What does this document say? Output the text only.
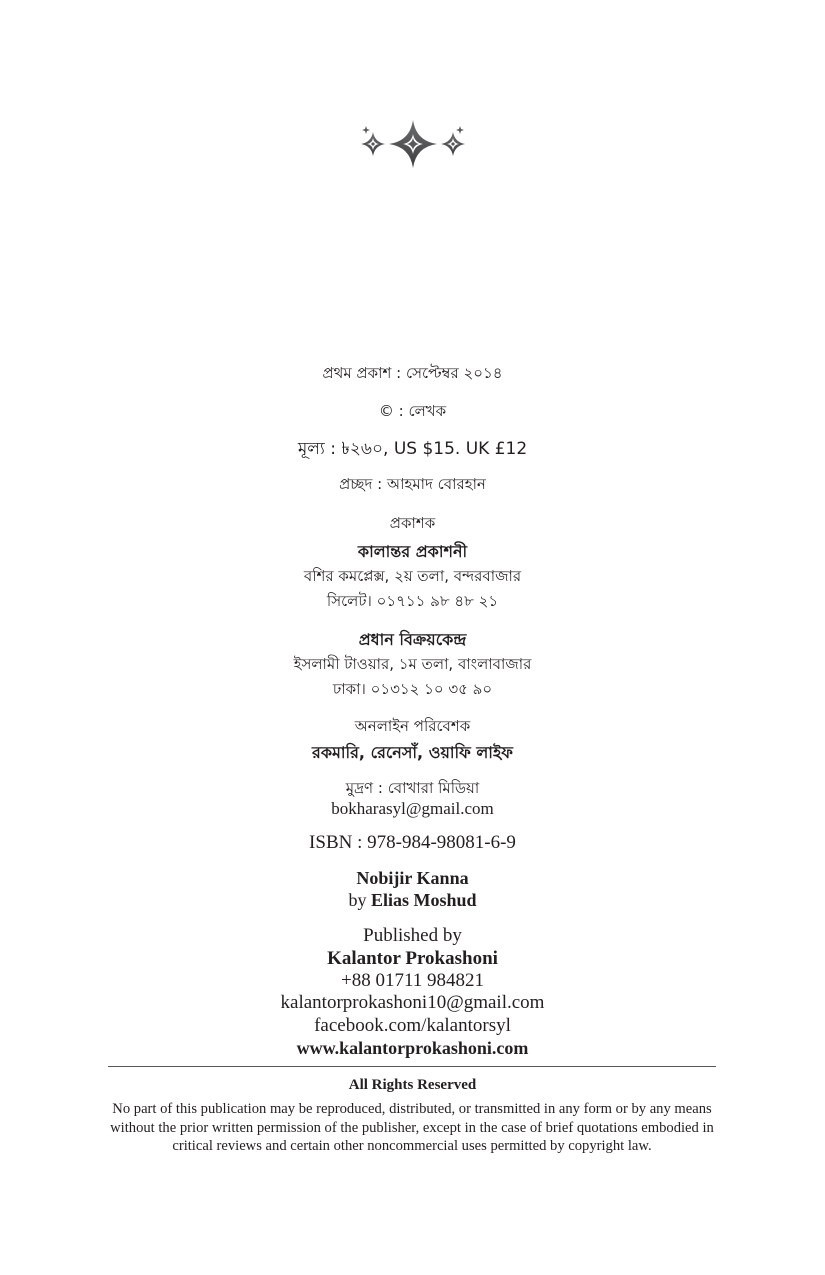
প্রথম প্রকাশ : সেপ্টেম্বর ২০১৪
© : লেখক
মূল্য : ৳২৬০, US $15. UK £12
প্রচ্ছদ : আহমাদ বোরহান
প্রকাশক
কালান্তর প্রকাশনী
বশির কমপ্লেক্স, ২য় তলা, বন্দরবাজার
সিলেট। ০১৭১১ ৯৮ ৪৮ ২১
প্রধান বিক্রয়কেন্দ্র
ইসলামী টাওয়ার, ১ম তলা, বাংলাবাজার
ঢাকা। ০১৩১২ ১০ ৩৫ ৯০
অনলাইন পরিবেশক
রকমারি, রেনেসাঁ, ওয়াফি লাইফ
মুদ্রণ : বোখারা মিডিয়া
bokharasyl@gmail.com
ISBN : 978-984-98081-6-9
Nobijir Kanna
by Elias Moshud
Published by
Kalantor Prokashoni
+88 01711 984821
kalantorprokashoni10@gmail.com
facebook.com/kalantorsyl
www.kalantorprokashoni.com
All Rights Reserved
No part of this publication may be reproduced, distributed, or transmitted in any form or by any means without the prior written permission of the publisher, except in the case of brief quotations embodied in critical reviews and certain other noncommercial uses permitted by copyright law.
